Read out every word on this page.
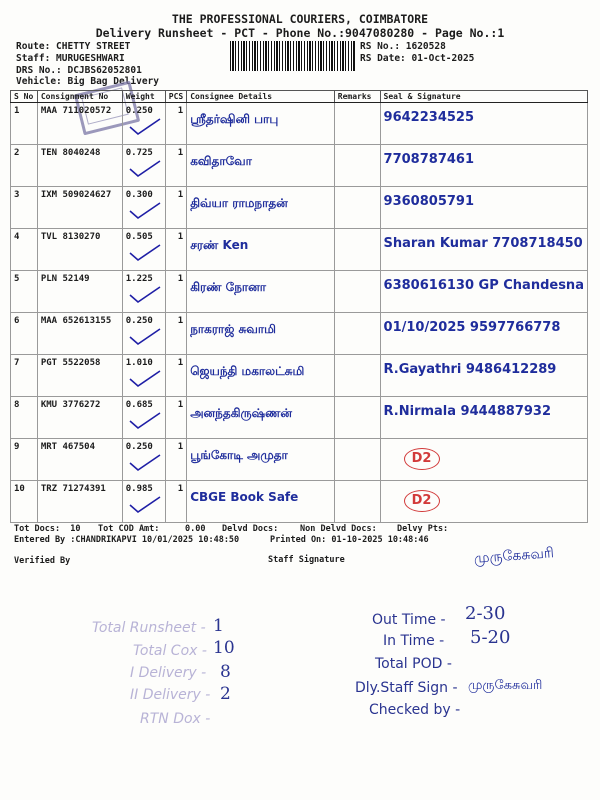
THE PROFESSIONAL COURIERS, COIMBATORE
Delivery Runsheet - PCT - Phone No.:9047080280 - Page No.:1
Route: CHETTY STREET
Staff: MURUGESHWARI
DRS No.: DCJBS62052801
Vehicle: Big Bag Delivery
RS No.: 1620528
RS Date: 01-Oct-2025
S No	Consignment No	Weight	PCS	Consignee Details	Remarks	Seal & Signature
1	MAA 711020572	0.250	1	ஸ்ரீதர்ஷினி பாபு		9642234525

2	TEN 8040248	0.725	1	கவிதாவோ		7708787461

3	IXM 509024627	0.300	1	திவ்யா ராமநாதன்		9360805791

4	TVL 8130270	0.505	1	சரண் Ken		Sharan Kumar 7708718450

5	PLN 52149	1.225	1	கிரண் நோனா		6380616130 GP Chandesna

6	MAA 652613155	0.250	1	நாகராஜ் சுவாமி		01/10/2025 9597766778

7	PGT 5522058	1.010	1	ஜெயந்தி மகாலட்சுமி		R.Gayathri 9486412289

8	KMU 3776272	0.685	1	அனந்தகிருஷ்ணன்		R.Nirmala 9444887932

9	MRT 467504	0.250	1	பூங்கோடி அமுதா		D2

10	TRZ 71274391	0.985	1	CBGE Book Safe		D2
Tot Docs:  10 Tot COD Amt:     0.00 Delvd Docs:	Non Delvd Docs: Delvy Pts:
Entered By :CHANDRIKAPVI 10/01/2025 10:48:50	Printed On: 01-10-2025 10:48:46
Verified By	Staff Signature	முருகேசுவரி
Total Runsheet - 1
Total Cox - 10
I Delivery - 8
II Delivery - 2
RTN Dox -
Out Time - 2-30
In Time - 5-20
Total POD -
Dly.Staff Sign - முருகேசுவரி
Checked by -
